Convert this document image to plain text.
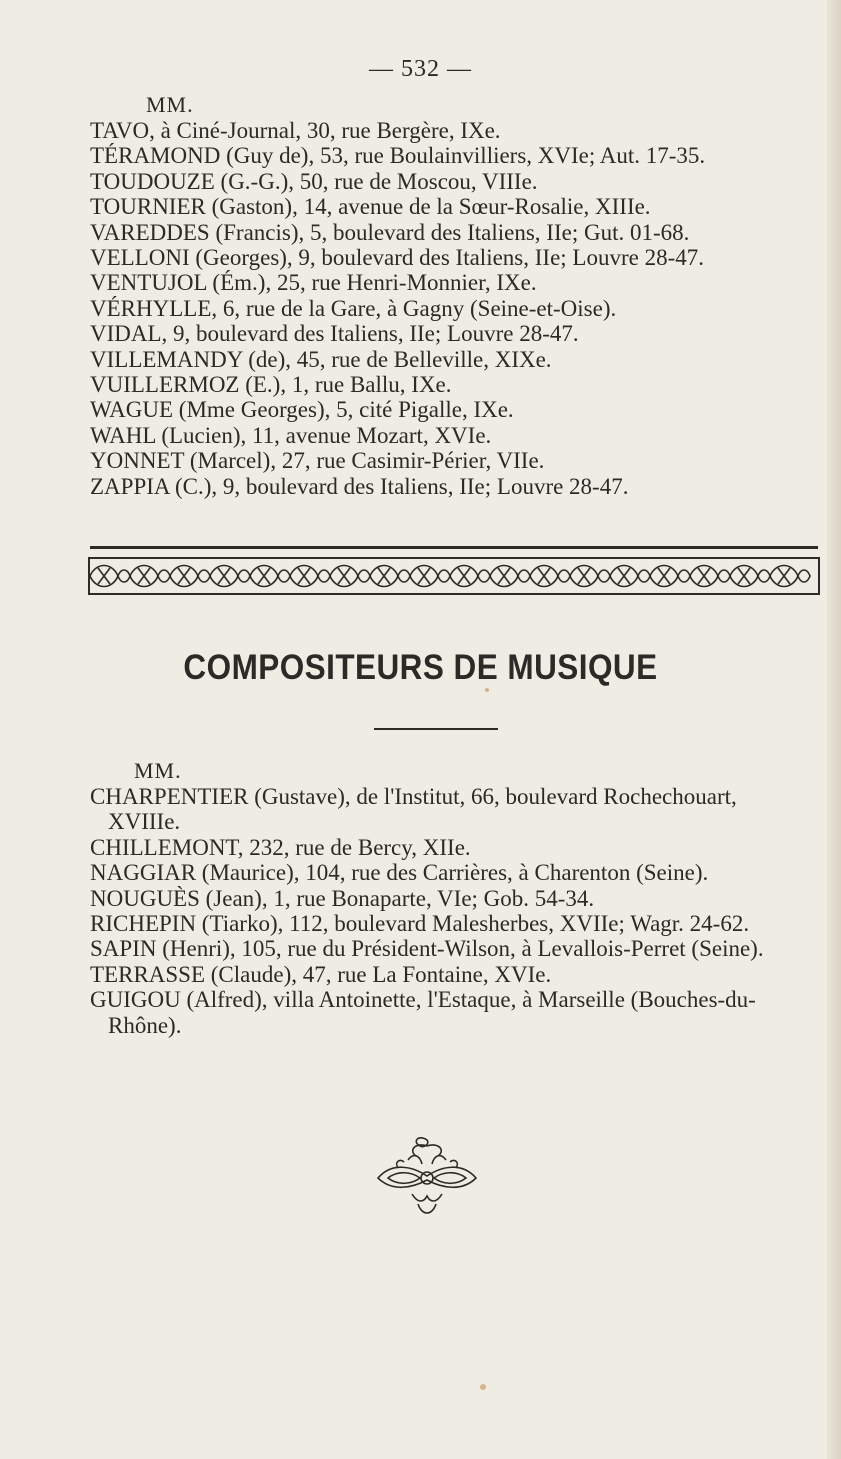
— 532 —
MM.
TAVO, à Ciné-Journal, 30, rue Bergère, IXe.
TÉRAMOND (Guy de), 53, rue Boulainvilliers, XVIe; Aut. 17-35.
TOUDOUZE (G.-G.), 50, rue de Moscou, VIIIe.
TOURNIER (Gaston), 14, avenue de la Sœur-Rosalie, XIIIe.
VAREDDES (Francis), 5, boulevard des Italiens, IIe; Gut. 01-68.
VELLONI (Georges), 9, boulevard des Italiens, IIe; Louvre 28-47.
VENTUJOL (Ém.), 25, rue Henri-Monnier, IXe.
VÉRHYLLE, 6, rue de la Gare, à Gagny (Seine-et-Oise).
VIDAL, 9, boulevard des Italiens, IIe; Louvre 28-47.
VILLEMANDY (de), 45, rue de Belleville, XIXe.
VUILLERMOZ (E.), 1, rue Ballu, IXe.
WAGUE (Mme Georges), 5, cité Pigalle, IXe.
WAHL (Lucien), 11, avenue Mozart, XVIe.
YONNET (Marcel), 27, rue Casimir-Périer, VIIe.
ZAPPIA (C.), 9, boulevard des Italiens, IIe; Louvre 28-47.
COMPOSITEURS DE MUSIQUE
MM.
CHARPENTIER (Gustave), de l'Institut, 66, boulevard Rochechouart,
XVIIIe.
CHILLEMONT, 232, rue de Bercy, XIIe.
NAGGIAR (Maurice), 104, rue des Carrières, à Charenton (Seine).
NOUGUÈS (Jean), 1, rue Bonaparte, VIe; Gob. 54-34.
RICHEPIN (Tiarko), 112, boulevard Malesherbes, XVIIe; Wagr. 24-62.
SAPIN (Henri), 105, rue du Président-Wilson, à Levallois-Perret (Seine).
TERRASSE (Claude), 47, rue La Fontaine, XVIe.
GUIGOU (Alfred), villa Antoinette, l'Estaque, à Marseille (Bouches-du-
Rhône).
